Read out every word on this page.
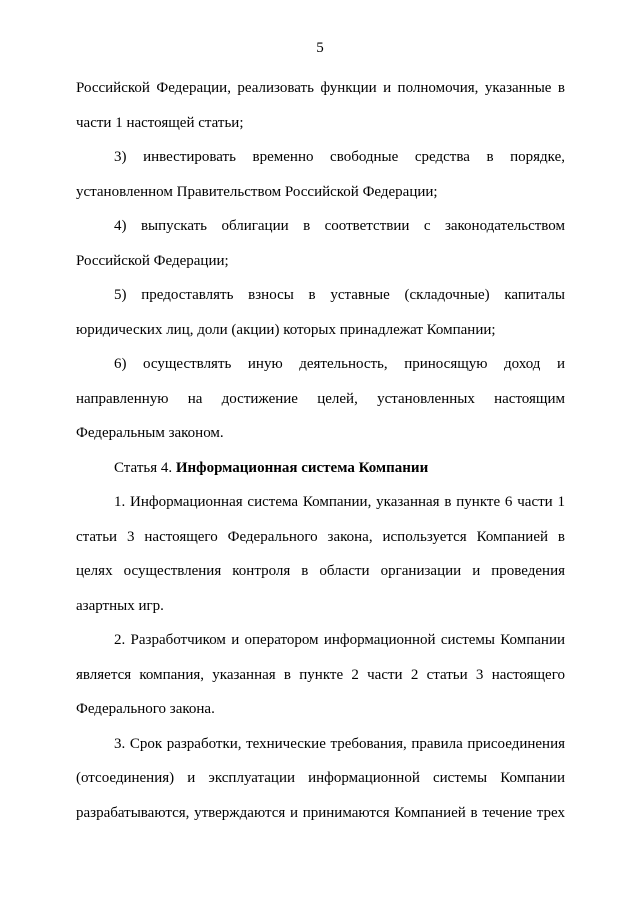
5
Российской Федерации, реализовать функции и полномочия, указанные в
части 1 настоящей статьи;
3) инвестировать временно свободные средства в порядке,
установленном Правительством Российской Федерации;
4) выпускать облигации в соответствии с законодательством
Российской Федерации;
5) предоставлять взносы в уставные (складочные) капиталы
юридических лиц, доли (акции) которых принадлежат Компании;
6) осуществлять иную деятельность, приносящую доход и
направленную на достижение целей, установленных настоящим
Федеральным законом.
Статья 4. Информационная система Компании
1. Информационная система Компании, указанная в пункте 6 части 1
статьи 3 настоящего Федерального закона, используется Компанией в
целях осуществления контроля в области организации и проведения
азартных игр.
2. Разработчиком и оператором информационной системы Компании
является компания, указанная в пункте 2 части 2 статьи 3 настоящего
Федерального закона.
3. Срок разработки, технические требования, правила присоединения
(отсоединения) и эксплуатации информационной системы Компании
разрабатываются, утверждаются и принимаются Компанией в течение трех
